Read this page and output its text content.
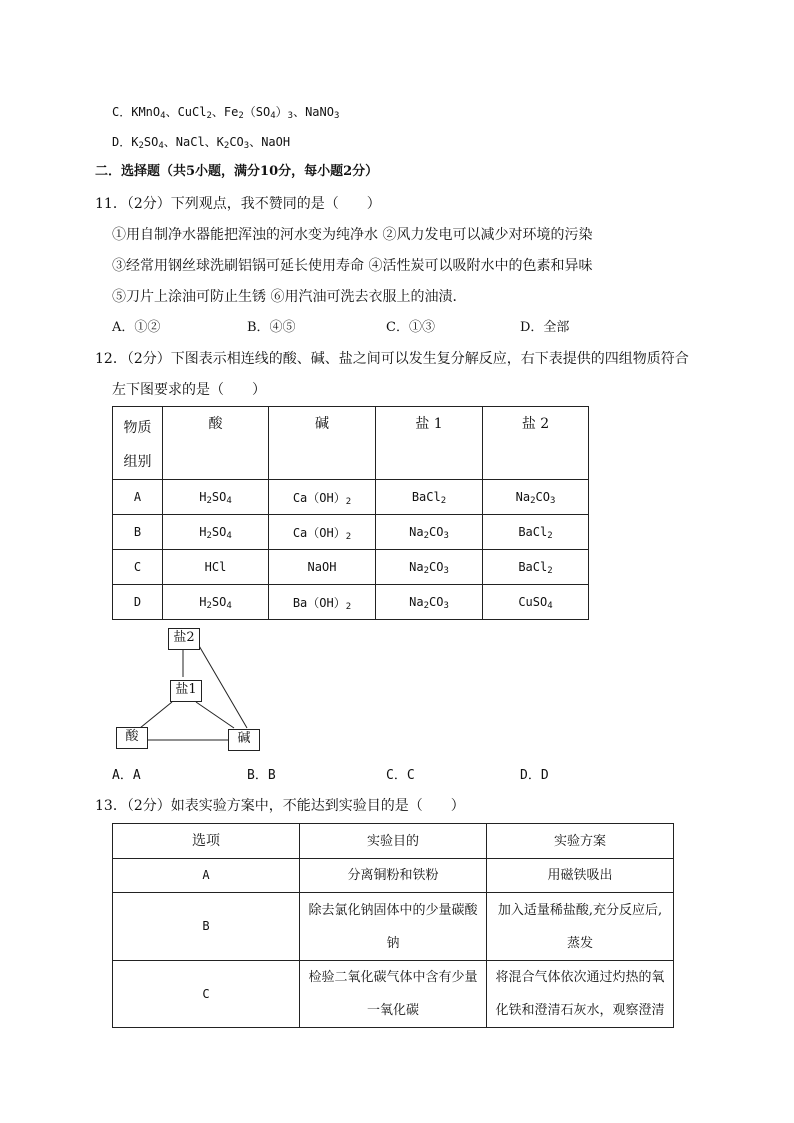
C．KMnO$_4$、CuCl$_2$、$Fe_2(SO_4)_3$、NaNO$_3$
D．$K_2SO_4$、NaCl、$K_2CO_3$、NaOH
二．选择题（共5小题，满分10分，每小题2分）
11．（2分）下列观点，我不赞同的是（　　）
①用自制净水器能把浑浊的河水变为纯净水 ②风力发电可以减少对环境的污染
③经常用钢丝球洗刷铝锅可延长使用寿命 ④活性炭可以吸附水中的色素和异味
⑤刀片上涂油可防止生锈 ⑥用汽油可洗去衣服上的油渍．
A．①②	B．④⑤	C．①③	D．全部
12．（2分）下图表示相连线的酸、碱、盐之间可以发生复分解反应，右下表提供的四组物质符合
左下图要求的是（　　）
物质
组别	酸	碱	盐 1	盐 2
A	$H_2SO_4$	$Ca(OH)_2$	BaCl$_2$	$Na_2CO_3$
B	$H_2SO_4$	$Ca(OH)_2$	$Na_2CO_3$	BaCl$_2$
C	HCl	NaOH	$Na_2CO_3$	BaCl$_2$
D	$H_2SO_4$	$Ba(OH)_2$	$Na_2CO_3$	CuSO$_4$
盐2
盐1
酸	碱
A．A	B．B	C．C	D．D
13．（2分）如表实验方案中，不能达到实验目的是（　　）
选项	实验目的	实验方案
A	分离铜粉和铁粉	用磁铁吸出
B	除去氯化钠固体中的少量碳酸
钠	加入适量稀盐酸,充分反应后,
蒸发
C	检验二氧化碳气体中含有少量
一氧化碳	将混合气体依次通过灼热的氧
化铁和澄清石灰水，观察澄清
